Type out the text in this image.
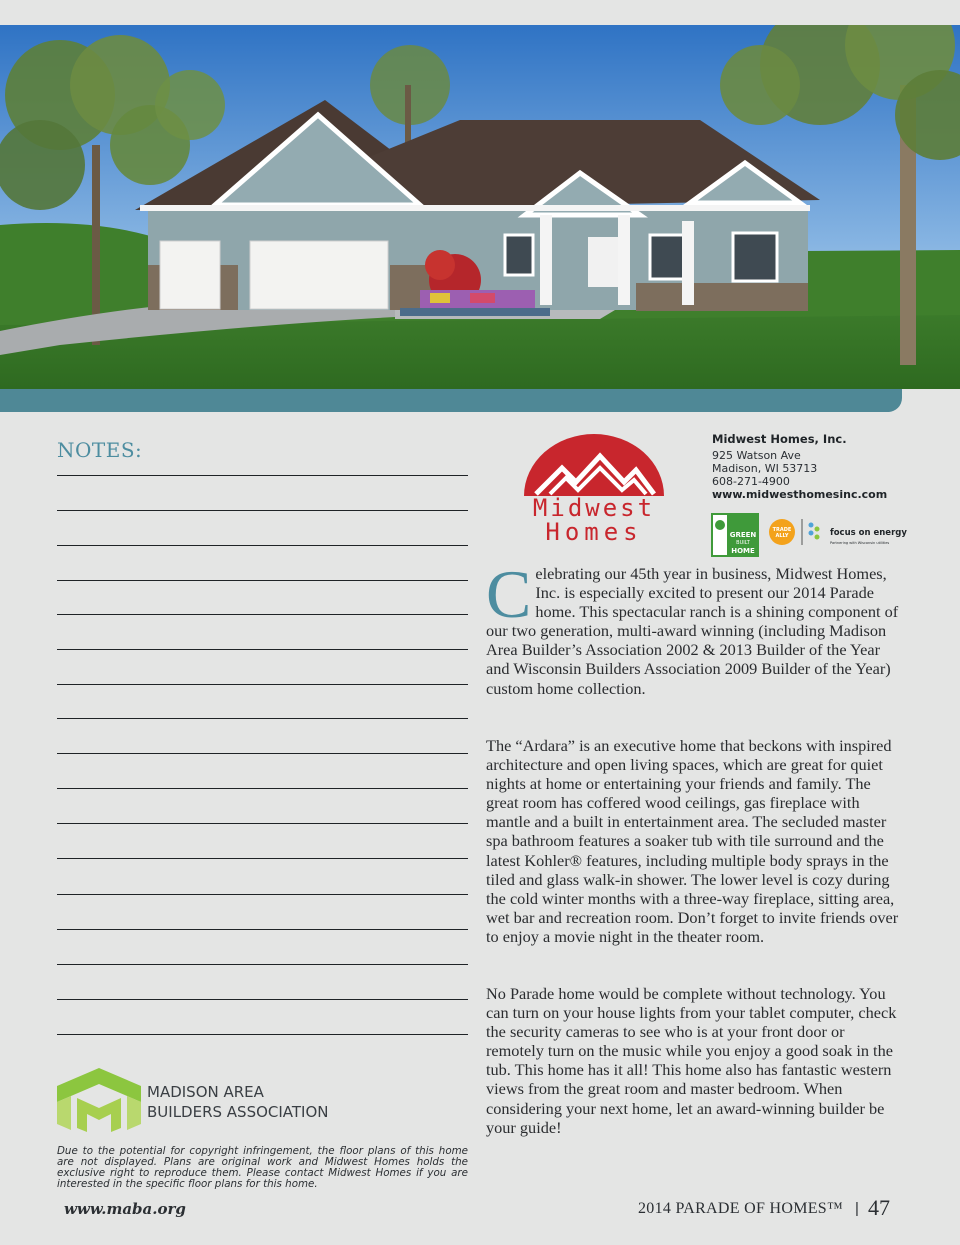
NOTES:
MADISON AREA
BUILDERS ASSOCIATION
Due to the potential for copyright infringement, the floor plans of this home are not displayed. Plans are original work and Midwest Homes holds the exclusive right to reproduce them. Please contact Midwest Homes if you are interested in the specific floor plans for this home.
www.maba.org
Midwest
Homes
Midwest Homes, Inc.
925 Watson Ave
Madison, WI 53713
608-271-4900
www.midwesthomesinc.com
GREEN
BUILT
HOME
TRADE
ALLY	focus on energy
Partnering with Wisconsin utilities
Celebrating our 45th year in business, Midwest Homes, Inc. is especially excited to present our 2014 Parade home. This spectacular ranch is a shining component of our two generation, multi-award winning (including Madison Area Builder’s Association 2002 & 2013 Builder of the Year and Wisconsin Builders Association 2009 Builder of the Year) custom home collection.
The “Ardara” is an executive home that beckons with inspired architecture and open living spaces, which are great for quiet nights at home or entertaining your friends and family. The great room has coffered wood ceilings, gas fireplace with mantle and a built in entertainment area. The secluded master spa bathroom features a soaker tub with tile surround and the latest Kohler® features, including multiple body sprays in the tiled and glass walk-in shower. The lower level is cozy during the cold winter months with a three-way fireplace, sitting area, wet bar and recreation room. Don’t forget to invite friends over to enjoy a movie night in the theater room.
No Parade home would be complete without technology. You can turn on your house lights from your tablet computer, check the security cameras to see who is at your front door or remotely turn on the music while you enjoy a good soak in the tub. This home has it all! This home also has fantastic western views from the great room and master bedroom. When considering your next home, let an award-winning builder be your guide!
2014 PARADE OF HOMES™ | 47
